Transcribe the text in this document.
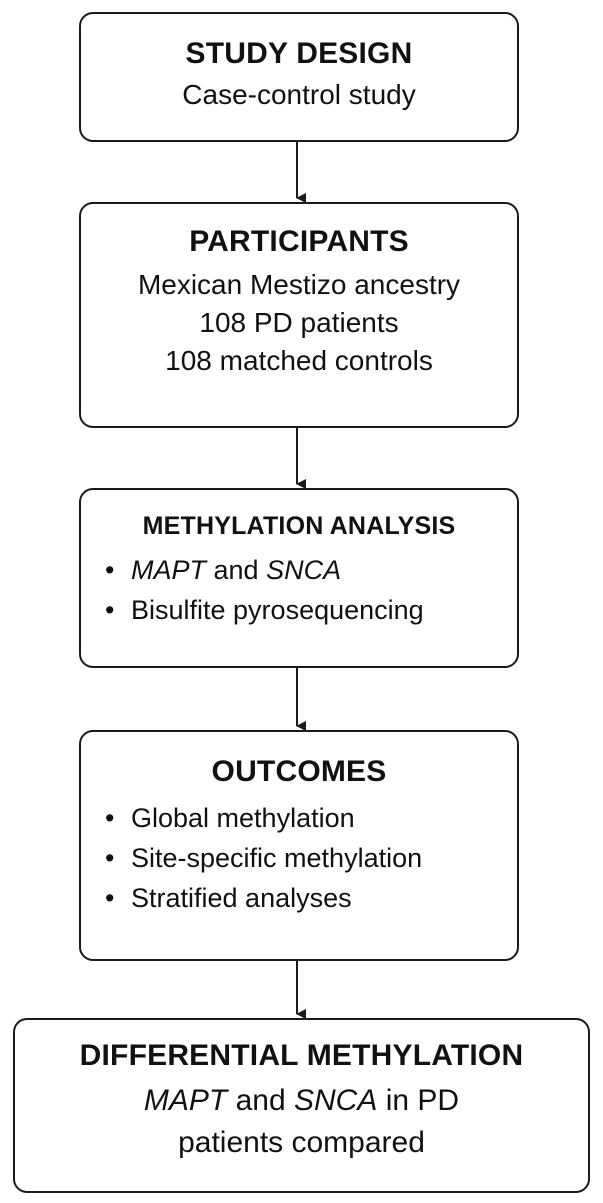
STUDY DESIGN
Case-control study
PARTICIPANTS
Mexican Mestizo ancestry
108 PD patients
108 matched controls
METHYLATION ANALYSIS
• MAPT and SNCA
• Bisulfite pyrosequencing
OUTCOMES
• Global methylation
• Site-specific methylation
• Stratified analyses
DIFFERENTIAL METHYLATION
MAPT and SNCA in PD
patients compared
